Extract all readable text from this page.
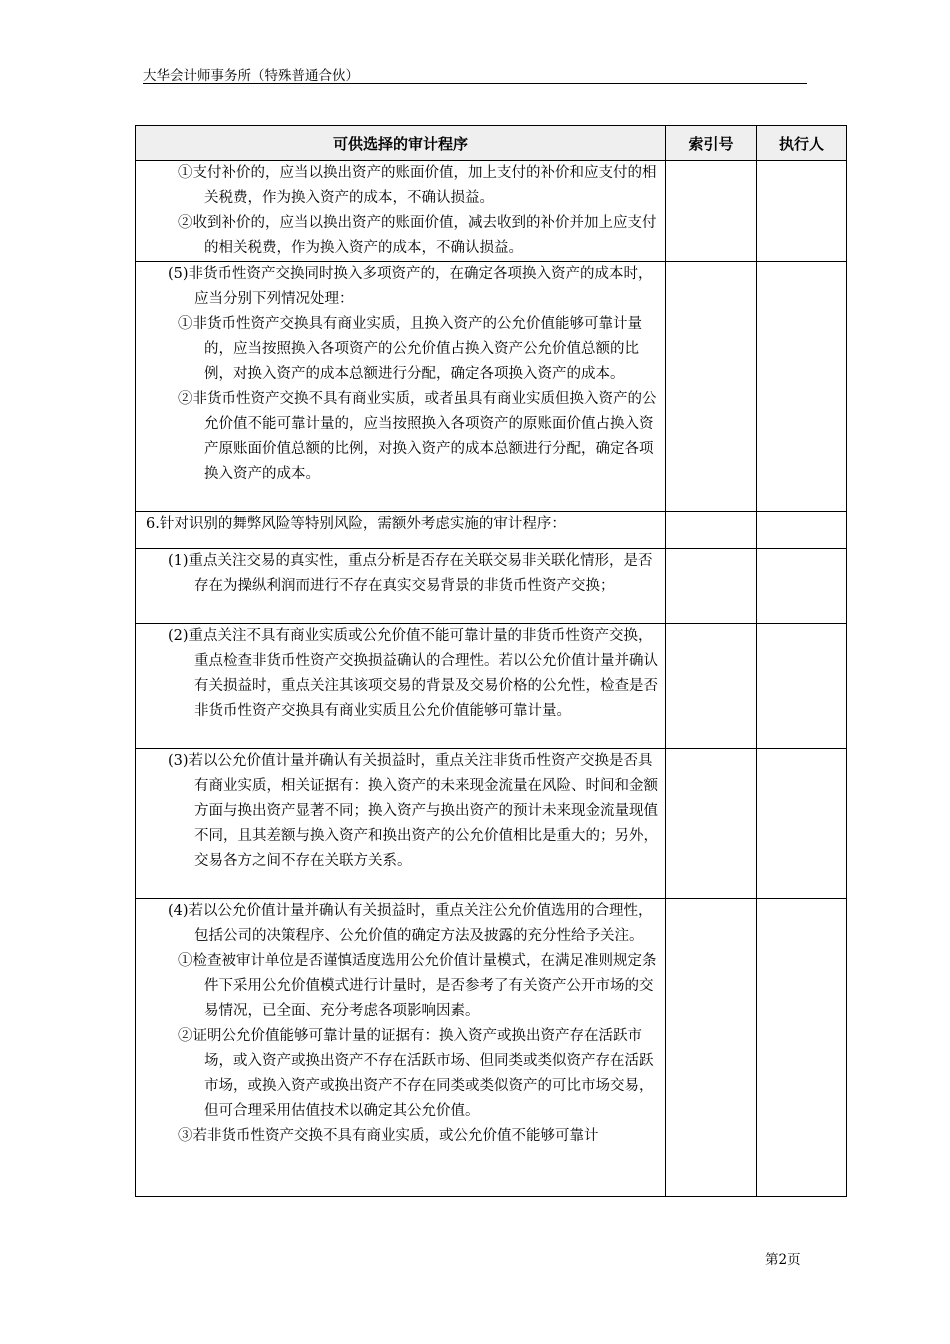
大华会计师事务所（特殊普通合伙）
可供选择的审计程序	索引号	执行人

①支付补价的，应当以换出资产的账面价值，加上支付的补价和应支付的相关税费，作为换入资产的成本，不确认损益。

②收到补价的，应当以换出资产的账面价值，减去收到的补价并加上应支付的相关税费，作为换入资产的成本，不确认损益。		

(5)非货币性资产交换同时换入多项资产的，在确定各项换入资产的成本时，应当分别下列情况处理：

①非货币性资产交换具有商业实质，且换入资产的公允价值能够可靠计量的，应当按照换入各项资产的公允价值占换入资产公允价值总额的比例，对换入资产的成本总额进行分配，确定各项换入资产的成本。

②非货币性资产交换不具有商业实质，或者虽具有商业实质但换入资产的公允价值不能可靠计量的，应当按照换入各项资产的原账面价值占换入资产原账面价值总额的比例，对换入资产的成本总额进行分配，确定各项换入资产的成本。		

6.针对识别的舞弊风险等特别风险，需额外考虑实施的审计程序：		

(1)重点关注交易的真实性，重点分析是否存在关联交易非关联化情形，是否存在为操纵利润而进行不存在真实交易背景的非货币性资产交换；		

(2)重点关注不具有商业实质或公允价值不能可靠计量的非货币性资产交换，重点检查非货币性资产交换损益确认的合理性。若以公允价值计量并确认有关损益时，重点关注其该项交易的背景及交易价格的公允性，检查是否非货币性资产交换具有商业实质且公允价值能够可靠计量。		

(3)若以公允价值计量并确认有关损益时，重点关注非货币性资产交换是否具有商业实质，相关证据有：换入资产的未来现金流量在风险、时间和金额方面与换出资产显著不同；换入资产与换出资产的预计未来现金流量现值不同，且其差额与换入资产和换出资产的公允价值相比是重大的；另外，交易各方之间不存在关联方关系。		

(4)若以公允价值计量并确认有关损益时，重点关注公允价值选用的合理性，包括公司的决策程序、公允价值的确定方法及披露的充分性给予关注。

①检查被审计单位是否谨慎适度选用公允价值计量模式，在满足准则规定条件下采用公允价值模式进行计量时，是否参考了有关资产公开市场的交易情况，已全面、充分考虑各项影响因素。

②证明公允价值能够可靠计量的证据有：换入资产或换出资产存在活跃市场，或入资产或换出资产不存在活跃市场、但同类或类似资产存在活跃市场，或换入资产或换出资产不存在同类或类似资产的可比市场交易，但可合理采用估值技术以确定其公允价值。

③若非货币性资产交换不具有商业实质，或公允价值不能够可靠计		

第2页
